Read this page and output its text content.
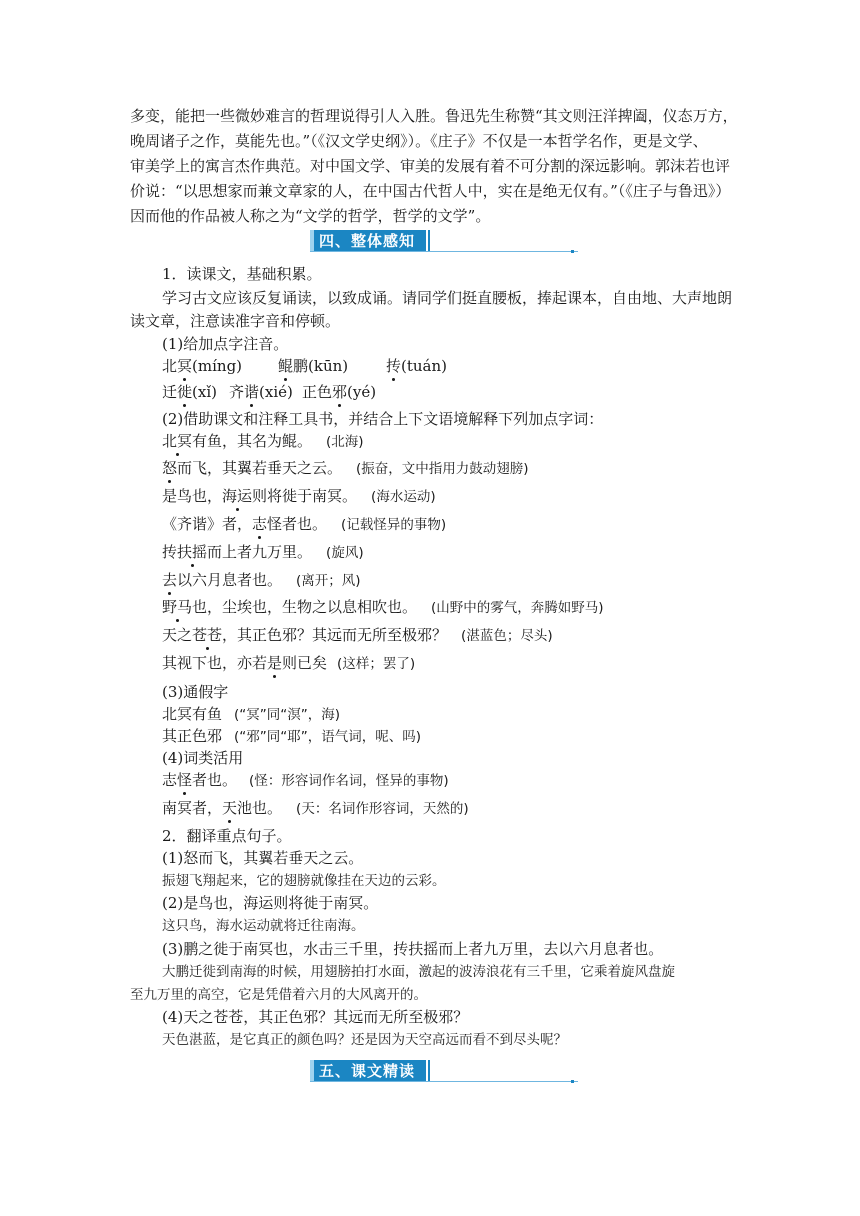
多变，能把一些微妙难言的哲理说得引人入胜。鲁迅先生称赞“其文则汪洋捭阖，仪态万方，
晚周诸子之作，莫能先也。”（《汉文学史纲》）。《庄子》不仅是一本哲学名作，更是文学、
审美学上的寓言杰作典范。对中国文学、审美的发展有着不可分割的深远影响。郭沫若也评
价说：“以思想家而兼文章家的人，在中国古代哲人中，实在是绝无仅有。”（《庄子与鲁迅》）
因而他的作品被人称之为“文学的哲学，哲学的文学”。
四、整体感知
1．读课文，基础积累。
学习古文应该反复诵读，以致成诵。请同学们挺直腰板，捧起课本，自由地、大声地朗
读文章，注意读准字音和停顿。
(1)给加点字注音。
北冥(míng) 鲲鹏(kūn)	抟(tuán)
迁徙(xǐ) 齐谐(xié) 正色邪(yé)
(2)借助课文和注释工具书，并结合上下文语境解释下列加点字词：
北冥有鱼，其名为鲲。 (北海)
怒而飞，其翼若垂天之云。 (振奋，文中指用力鼓动翅膀)
是鸟也，海运则将徙于南冥。 (海水运动)
《齐谐》者，志怪者也。 (记载怪异的事物)
抟扶摇而上者九万里。 (旋风)
去以六月息者也。 (离开；风)
野马也，尘埃也，生物之以息相吹也。 (山野中的雾气，奔腾如野马)
天之苍苍，其正色邪？其远而无所至极邪？ (湛蓝色；尽头)
其视下也，亦若是则已矣 (这样；罢了)
(3)通假字
北冥有鱼 (“冥”同“溟”，海)
其正色邪 (“邪”同“耶”，语气词，呢、吗)
(4)词类活用
志怪者也。 (怪：形容词作名词，怪异的事物)
南冥者，天池也。 (天：名词作形容词，天然的)
2．翻译重点句子。
(1)怒而飞，其翼若垂天之云。
振翅飞翔起来，它的翅膀就像挂在天边的云彩。
(2)是鸟也，海运则将徙于南冥。
这只鸟，海水运动就将迁往南海。
(3)鹏之徙于南冥也，水击三千里，抟扶摇而上者九万里，去以六月息者也。
大鹏迁徙到南海的时候，用翅膀拍打水面，激起的波涛浪花有三千里，它乘着旋风盘旋
至九万里的高空，它是凭借着六月的大风离开的。
(4)天之苍苍，其正色邪？其远而无所至极邪？
天色湛蓝，是它真正的颜色吗？还是因为天空高远而看不到尽头呢？
五、课文精读
